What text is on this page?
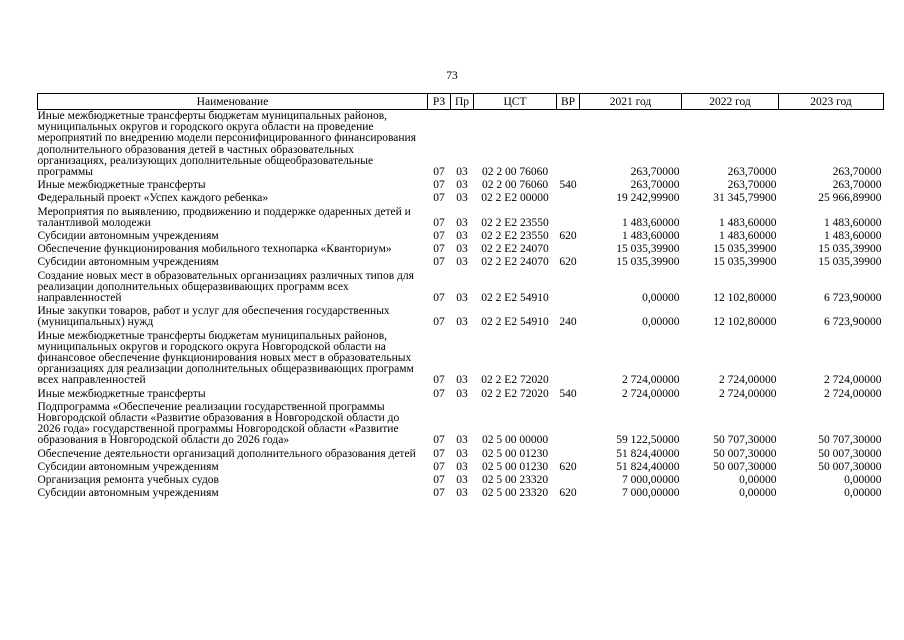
73
Наименование	РЗ	Пр	ЦСТ	ВР	2021 год	2022 год	2023 год
Иные межбюджетные трансферты бюджетам муниципальных районов, муниципальных округов и городского округа области на проведение мероприятий по внедрению модели персонифицированного финансирования дополнительного образования детей в частных образовательных организациях, реализующих дополнительные общеобразовательные программы	07	03	02 2 00 76060		263,70000	263,70000	263,70000
Иные межбюджетные трансферты	07	03	02 2 00 76060	540	263,70000	263,70000	263,70000
Федеральный проект «Успех каждого ребенка»	07	03	02 2 E2 00000		19 242,99900	31 345,79900	25 966,89900
Мероприятия по выявлению, продвижению и поддержке одаренных детей и талантливой молодежи	07	03	02 2 E2 23550		1 483,60000	1 483,60000	1 483,60000
Субсидии автономным учреждениям	07	03	02 2 E2 23550	620	1 483,60000	1 483,60000	1 483,60000
Обеспечение функционирования мобильного технопарка «Кванториум»	07	03	02 2 E2 24070		15 035,39900	15 035,39900	15 035,39900
Субсидии автономным учреждениям	07	03	02 2 E2 24070	620	15 035,39900	15 035,39900	15 035,39900
Создание новых мест в образовательных организациях различных типов для реализации дополнительных общеразвивающих программ всех направленностей	07	03	02 2 E2 54910		0,00000	12 102,80000	6 723,90000
Иные закупки товаров, работ и услуг для обеспечения государственных (муниципальных) нужд	07	03	02 2 E2 54910	240	0,00000	12 102,80000	6 723,90000
Иные межбюджетные трансферты бюджетам муниципальных районов, муниципальных округов и городского округа Новгородской области на финансовое обеспечение функционирования новых мест в образовательных организациях для реализации дополнительных общеразвивающих программ всех направленностей	07	03	02 2 E2 72020		2 724,00000	2 724,00000	2 724,00000
Иные межбюджетные трансферты	07	03	02 2 E2 72020	540	2 724,00000	2 724,00000	2 724,00000
Подпрограмма «Обеспечение реализации государственной программы Новгородской области «Развитие образования в Новгородской области до 2026 года» государственной программы Новгородской области «Развитие образования в Новгородской области до 2026 года»	07	03	02 5 00 00000		59 122,50000	50 707,30000	50 707,30000
Обеспечение деятельности организаций дополнительного образования детей	07	03	02 5 00 01230		51 824,40000	50 007,30000	50 007,30000
Субсидии автономным учреждениям	07	03	02 5 00 01230	620	51 824,40000	50 007,30000	50 007,30000
Организация ремонта учебных судов	07	03	02 5 00 23320		7 000,00000	0,00000	0,00000
Субсидии автономным учреждениям	07	03	02 5 00 23320	620	7 000,00000	0,00000	0,00000
